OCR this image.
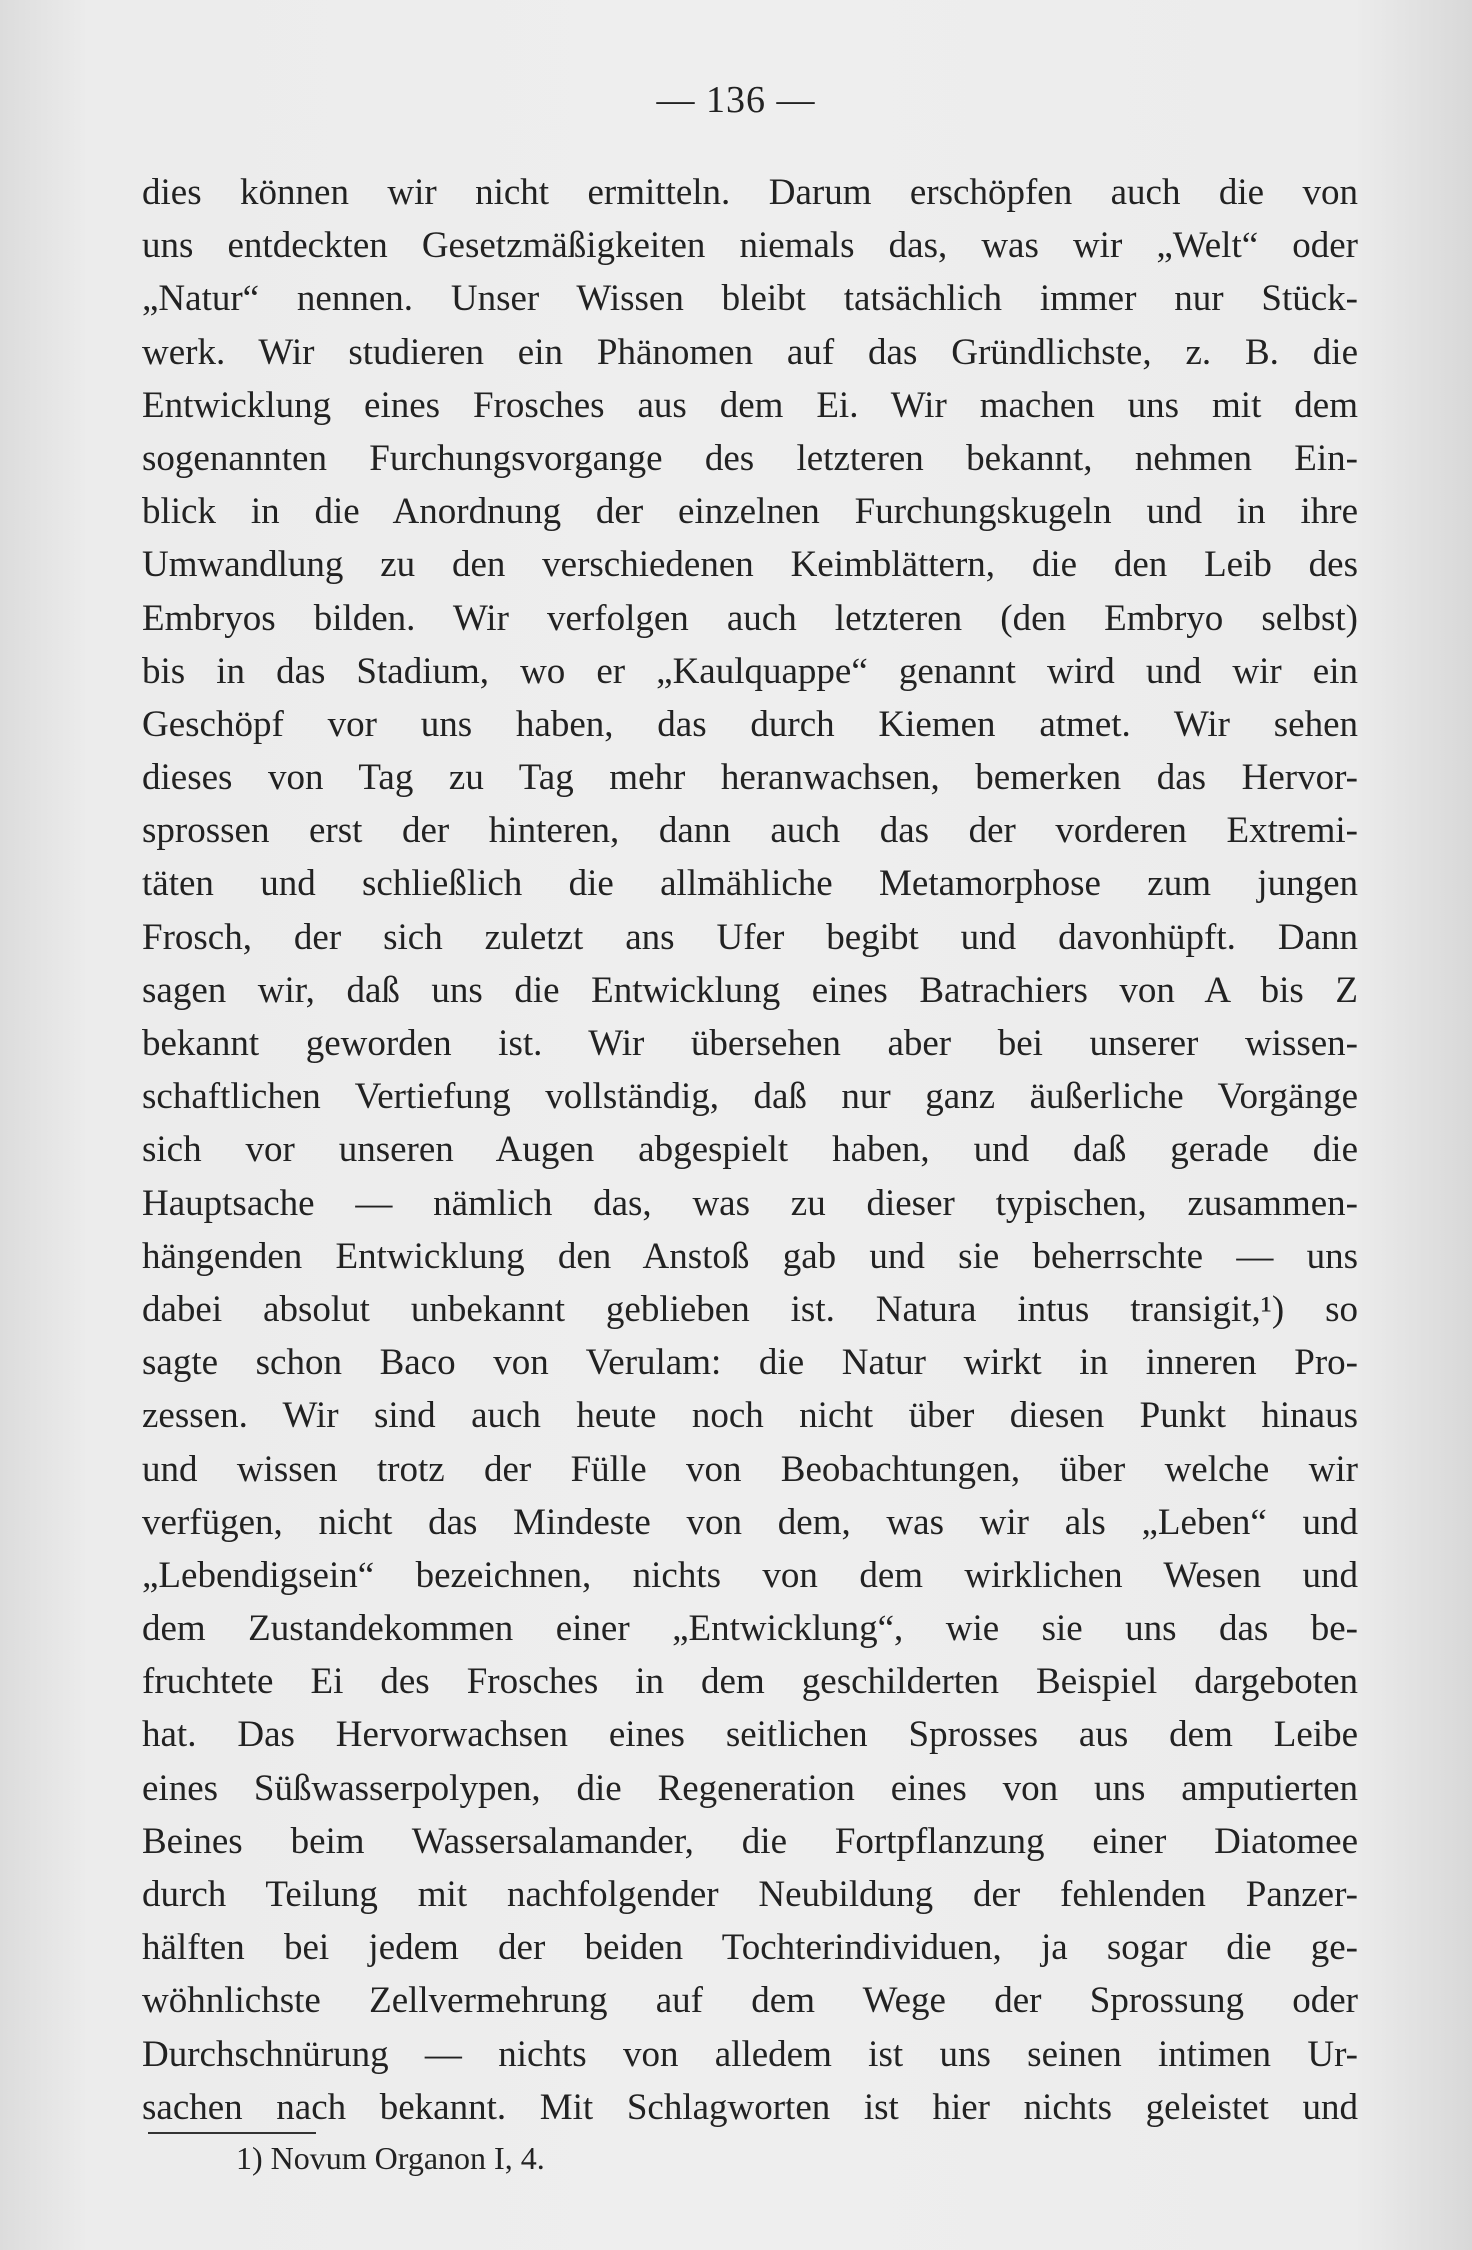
— 136 —
dies können wir nicht ermitteln. Darum erschöpfen auch die von
uns entdeckten Gesetzmäßigkeiten niemals das, was wir „Welt“ oder
„Natur“ nennen. Unser Wissen bleibt tatsächlich immer nur Stück-
werk. Wir studieren ein Phänomen auf das Gründlichste, z. B. die
Entwicklung eines Frosches aus dem Ei. Wir machen uns mit dem
sogenannten Furchungsvorgange des letzteren bekannt, nehmen Ein-
blick in die Anordnung der einzelnen Furchungskugeln und in ihre
Umwandlung zu den verschiedenen Keimblättern, die den Leib des
Embryos bilden. Wir verfolgen auch letzteren (den Embryo selbst)
bis in das Stadium, wo er „Kaulquappe“ genannt wird und wir ein
Geschöpf vor uns haben, das durch Kiemen atmet. Wir sehen
dieses von Tag zu Tag mehr heranwachsen, bemerken das Hervor-
sprossen erst der hinteren, dann auch das der vorderen Extremi-
täten und schließlich die allmähliche Metamorphose zum jungen
Frosch, der sich zuletzt ans Ufer begibt und davonhüpft. Dann
sagen wir, daß uns die Entwicklung eines Batrachiers von A bis Z
bekannt geworden ist. Wir übersehen aber bei unserer wissen-
schaftlichen Vertiefung vollständig, daß nur ganz äußerliche Vorgänge
sich vor unseren Augen abgespielt haben, und daß gerade die
Hauptsache — nämlich das, was zu dieser typischen, zusammen-
hängenden Entwicklung den Anstoß gab und sie beherrschte — uns
dabei absolut unbekannt geblieben ist. Natura intus transigit,¹) so
sagte schon Baco von Verulam: die Natur wirkt in inneren Pro-
zessen. Wir sind auch heute noch nicht über diesen Punkt hinaus
und wissen trotz der Fülle von Beobachtungen, über welche wir
verfügen, nicht das Mindeste von dem, was wir als „Leben“ und
„Lebendigsein“ bezeichnen, nichts von dem wirklichen Wesen und
dem Zustandekommen einer „Entwicklung“, wie sie uns das be-
fruchtete Ei des Frosches in dem geschilderten Beispiel dargeboten
hat. Das Hervorwachsen eines seitlichen Sprosses aus dem Leibe
eines Süßwasserpolypen, die Regeneration eines von uns amputierten
Beines beim Wassersalamander, die Fortpflanzung einer Diatomee
durch Teilung mit nachfolgender Neubildung der fehlenden Panzer-
hälften bei jedem der beiden Tochterindividuen, ja sogar die ge-
wöhnlichste Zellvermehrung auf dem Wege der Sprossung oder
Durchschnürung — nichts von alledem ist uns seinen intimen Ur-
sachen nach bekannt. Mit Schlagworten ist hier nichts geleistet und
1) Novum Organon I, 4.
